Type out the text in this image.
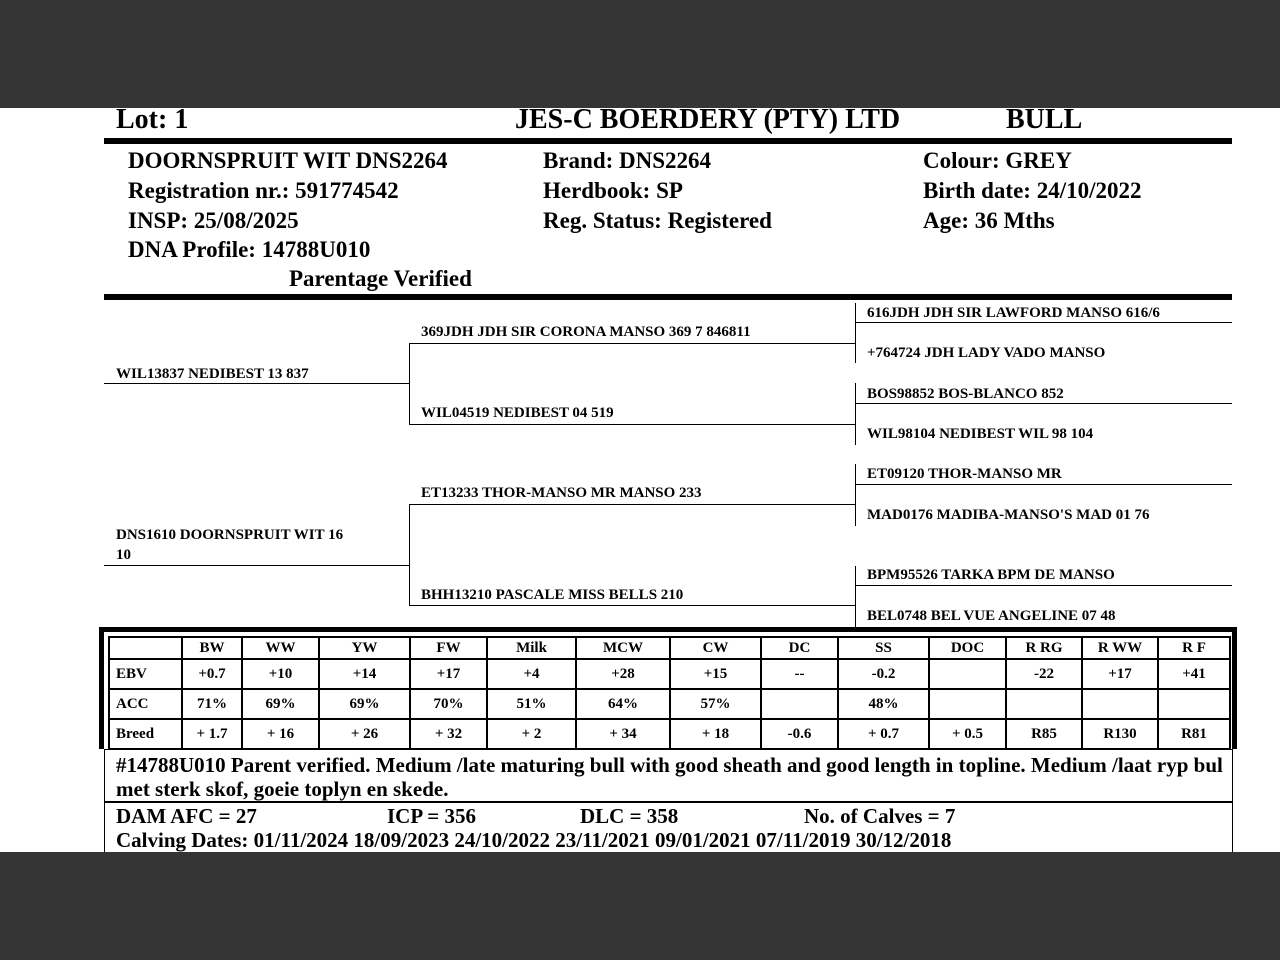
Lot: 1	JES-C BOERDERY (PTY) LTD	BULL
DOORNSPRUIT WIT DNS2264
Registration nr.: 591774542
INSP: 25/08/2025
DNA Profile: 14788U010
Parentage Verified
Brand: DNS2264
Herdbook: SP
Reg. Status: Registered
Colour: GREY
Birth date: 24/10/2022
Age: 36 Mths
WIL13837 NEDIBEST 13 837
DNS1610 DOORNSPRUIT WIT 16
10
369JDH JDH SIR CORONA MANSO 369 7 846811
WIL04519 NEDIBEST 04 519
ET13233 THOR-MANSO MR MANSO 233
BHH13210 PASCALE MISS BELLS 210
616JDH JDH SIR LAWFORD MANSO 616/6
+764724 JDH LADY VADO MANSO
BOS98852 BOS-BLANCO 852
WIL98104 NEDIBEST WIL 98 104
ET09120 THOR-MANSO MR
MAD0176 MADIBA-MANSO'S MAD 01 76
BPM95526 TARKA BPM DE MANSO
BEL0748 BEL VUE ANGELINE 07 48
	BW	WW	YW	FW	Milk	MCW	CW	DC	SS	DOC	R RG	R WW	R F
EBV	+0.7	+10	+14	+17	+4	+28	+15	--	-0.2		-22	+17	+41
ACC	71%	69%	69%	70%	51%	64%	57%		48%				
Breed	+ 1.7	+ 16	+ 26	+ 32	+ 2	+ 34	+ 18	-0.6	+ 0.7	+ 0.5	R85	R130	R81
#14788U010 Parent verified. Medium /late maturing bull with good sheath and good length in topline. Medium /laat ryp bul met sterk skof, goeie toplyn en skede.
DAM AFC = 27	ICP = 356	DLC = 358	No. of Calves = 7
Calving Dates: 01/11/2024 18/09/2023 24/10/2022 23/11/2021 09/01/2021 07/11/2019 30/12/2018
